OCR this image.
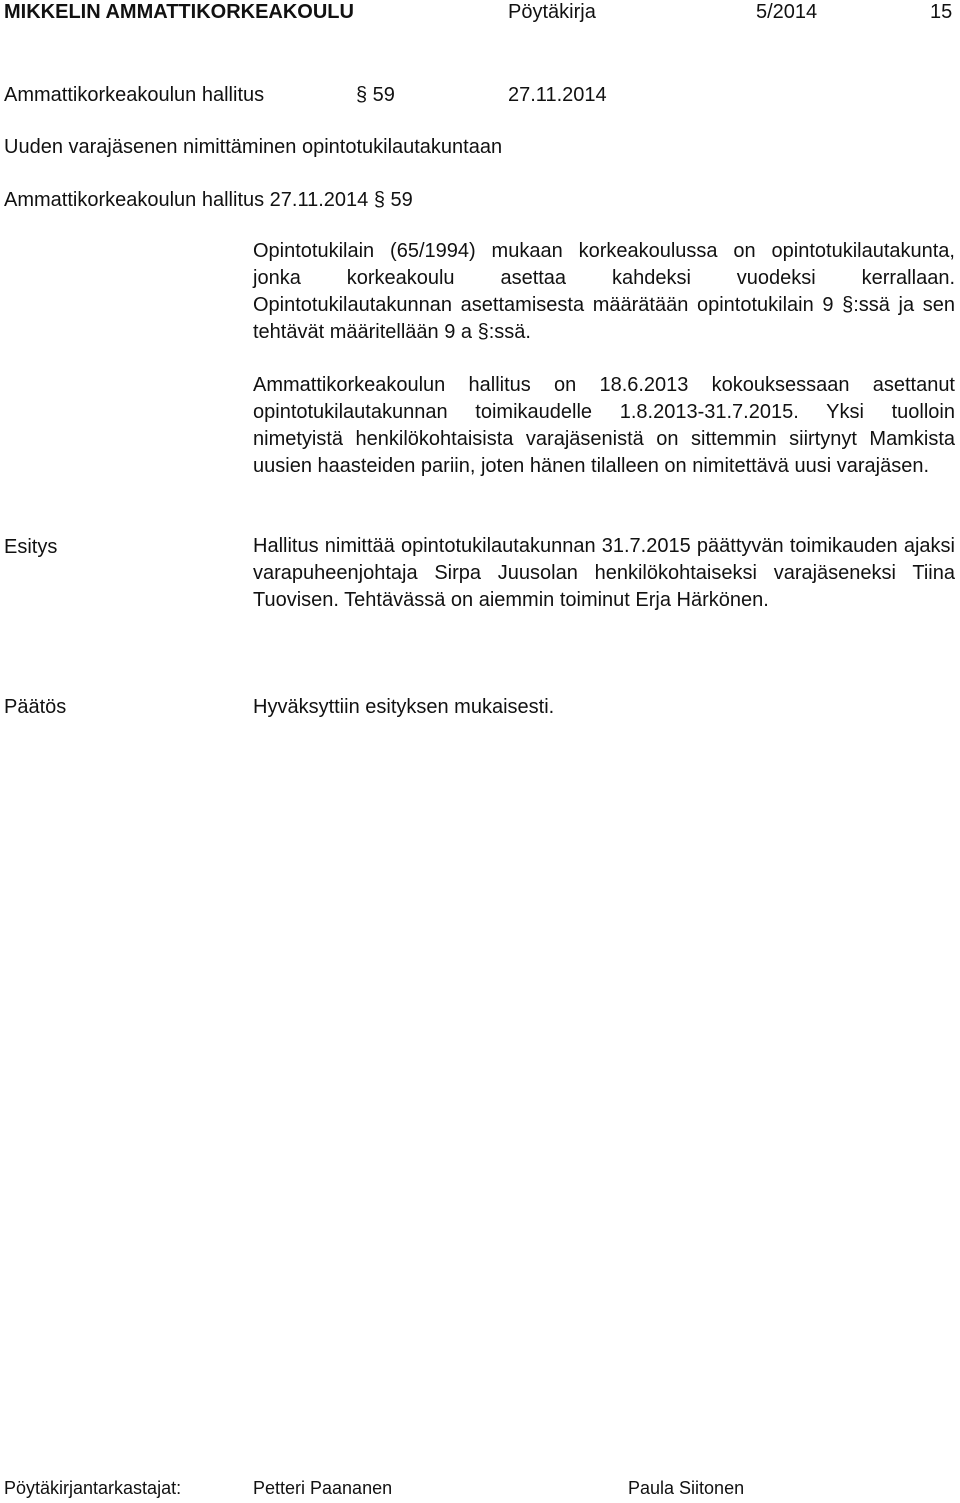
MIKKELIN AMMATTIKORKEAKOULU	Pöytäkirja	5/2014	15
Ammattikorkeakoulun hallitus	§ 59	27.11.2014
Uuden varajäsenen nimittäminen opintotukilautakuntaan
Ammattikorkeakoulun hallitus 27.11.2014 § 59

Opintotukilain (65/1994) mukaan korkeakoulussa on opintotukilautakunta, jonka korkeakoulu asettaa kahdeksi vuodeksi kerrallaan. Opintotukilautakunnan asettamisesta määrätään opintotukilain 9 §:ssä ja sen tehtävät määritellään 9 a §:ssä.

Ammattikorkeakoulun hallitus on 18.6.2013 kokouksessaan asettanut opintotukilautakunnan toimikaudelle 1.8.2013-31.7.2015. Yksi tuolloin nimetyistä henkilökohtaisista varajäsenistä on sittemmin siirtynyt Mamkista uusien haasteiden pariin, joten hänen tilalleen on nimitettävä uusi varajäsen.

Esitys	Hallitus nimittää opintotukilautakunnan 31.7.2015 päättyvän toimikauden ajaksi varapuheenjohtaja Sirpa Juusolan henkilökohtaiseksi varajäseneksi Tiina Tuovisen. Tehtävässä on aiemmin toiminut Erja Härkönen.

Päätös	Hyväksyttiin esityksen mukaisesti.
Pöytäkirjantarkastajat:	Petteri Paananen	Paula Siitonen
